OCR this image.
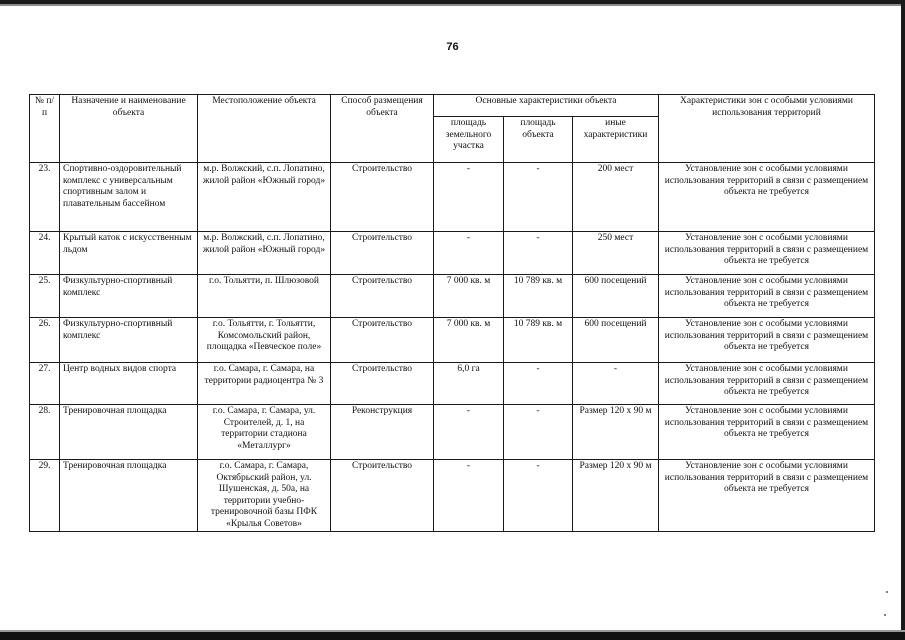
76
№ п/п	Назначение и наименование объекта	Местоположение объекта	Способ размещения объекта	Основные характеристики объекта			Характеристики зон с особыми условиями использования территорий
				площадь земельного участка	площадь объекта	иные характеристики	
23.	Спортивно-оздоровительный комплекс с универсальным спортивным залом и плавательным бассейном	м.р. Волжский, с.п. Лопатино, жилой район «Южный город»	Строительство	-	-	200 мест	Установление зон с особыми условиями использования территорий в связи с размещением объекта не требуется
24.	Крытый каток с искусственным льдом	м.р. Волжский, с.п. Лопатино, жилой район «Южный город»	Строительство	-	-	250 мест	Установление зон с особыми условиями использования территорий в связи с размещением объекта не требуется
25.	Физкультурно-спортивный комплекс	г.о. Тольятти, п. Шлюзовой	Строительство	7 000 кв. м	10 789 кв. м	600 посещений	Установление зон с особыми условиями использования территорий в связи с размещением объекта не требуется
26.	Физкультурно-спортивный комплекс	г.о. Тольятти, г. Тольятти, Комсомольский район, площадка «Певческое поле»	Строительство	7 000 кв. м	10 789 кв. м	600 посещений	Установление зон с особыми условиями использования территорий в связи с размещением объекта не требуется
27.	Центр водных видов спорта	г.о. Самара, г. Самара, на территории радиоцентра № 3	Строительство	6,0 га	-	-	Установление зон с особыми условиями использования территорий в связи с размещением объекта не требуется
28.	Тренировочная площадка	г.о. Самара, г. Самара, ул. Строителей, д. 1, на территории стадиона «Металлург»	Реконструкция	-	-	Размер 120 х 90 м	Установление зон с особыми условиями использования территорий в связи с размещением объекта не требуется
29.	Тренировочная площадка	г.о. Самара, г. Самара, Октябрьский район, ул. Шушенская, д. 50а, на территории учебно-тренировочной базы ПФК «Крылья Советов»	Строительство	-	-	Размер 120 х 90 м	Установление зон с особыми условиями использования территорий в связи с размещением объекта не требуется
